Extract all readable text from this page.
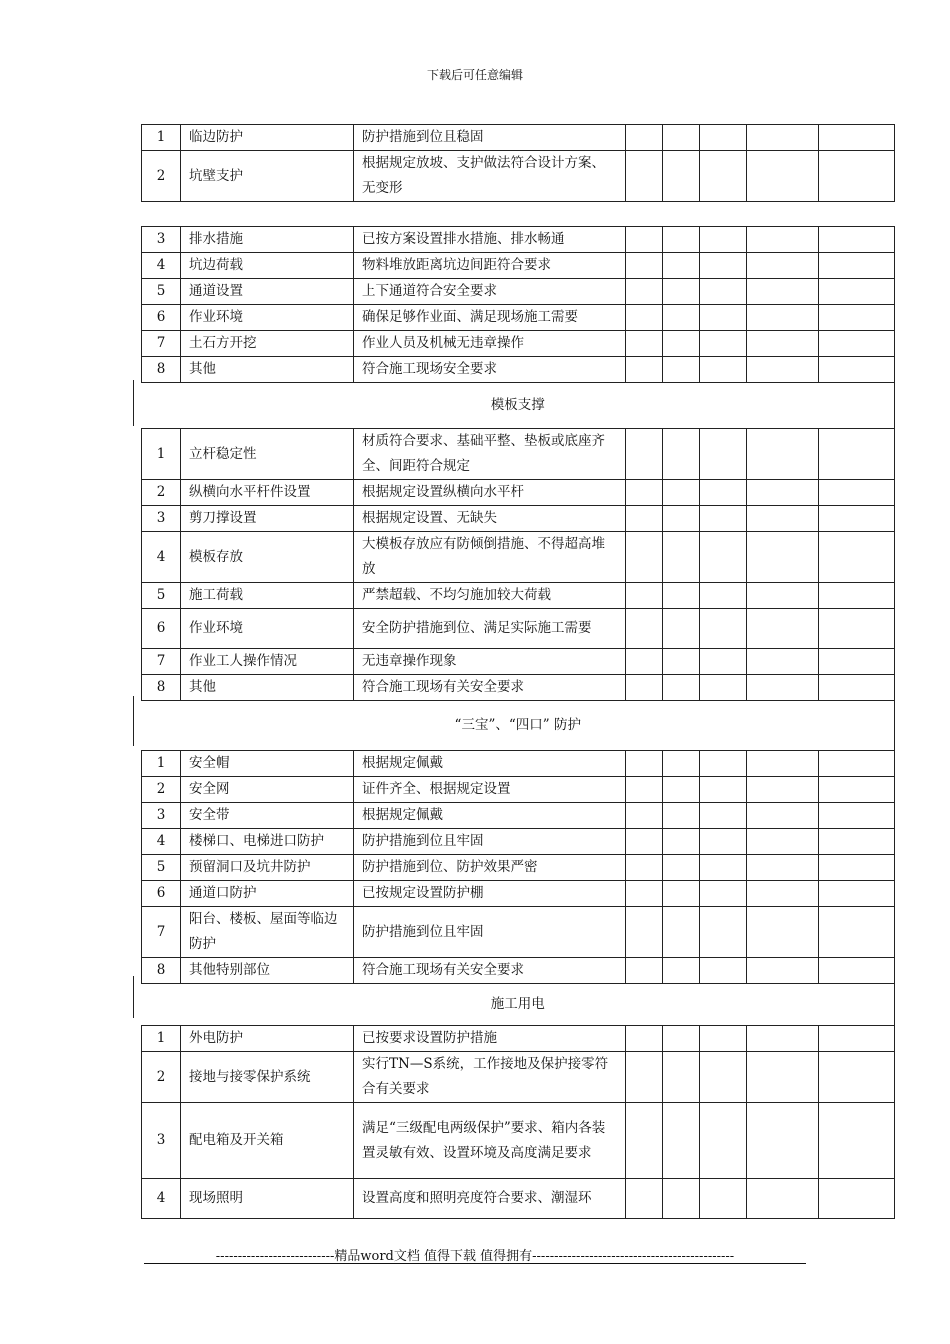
下载后可任意编辑
1	临边防护	防护措施到位且稳固					
2	坑壁支护	根据规定放坡、支护做法符合设计方案、无变形					
3	排水措施	已按方案设置排水措施、排水畅通					
4	坑边荷载	物料堆放距离坑边间距符合要求					
5	通道设置	上下通道符合安全要求					
6	作业环境	确保足够作业面、满足现场施工需要					
7	土石方开挖	作业人员及机械无违章操作					
8	其他	符合施工现场安全要求					
模板支撑							
1	立杆稳定性	材质符合要求、基础平整、垫板或底座齐全、间距符合规定					
2	纵横向水平杆件设置	根据规定设置纵横向水平杆					
3	剪刀撑设置	根据规定设置、无缺失					
4	模板存放	大模板存放应有防倾倒措施、不得超高堆放					
5	施工荷载	严禁超载、不均匀施加较大荷载					
6	作业环境	安全防护措施到位、满足实际施工需要					
7	作业工人操作情况	无违章操作现象					
8	其他	符合施工现场有关安全要求					
“三宝”、“四口” 防护							
1	安全帽	根据规定佩戴					
2	安全网	证件齐全、根据规定设置					
3	安全带	根据规定佩戴					
4	楼梯口、电梯进口防护	防护措施到位且牢固					
5	预留洞口及坑井防护	防护措施到位、防护效果严密					
6	通道口防护	已按规定设置防护棚					
7	阳台、楼板、屋面等临边防护	防护措施到位且牢固					
8	其他特别部位	符合施工现场有关安全要求					
施工用电							
1	外电防护	已按要求设置防护措施					
2	接地与接零保护系统	实行TN—S系统，工作接地及保护接零符合有关要求					
3	配电箱及开关箱	满足“三级配电两级保护”要求、箱内各装置灵敏有效、设置环境及高度满足要求					
4	现场照明	设置高度和照明亮度符合要求、潮湿环					
---------------------------精品word文档 值得下载 值得拥有----------------------------------------------
